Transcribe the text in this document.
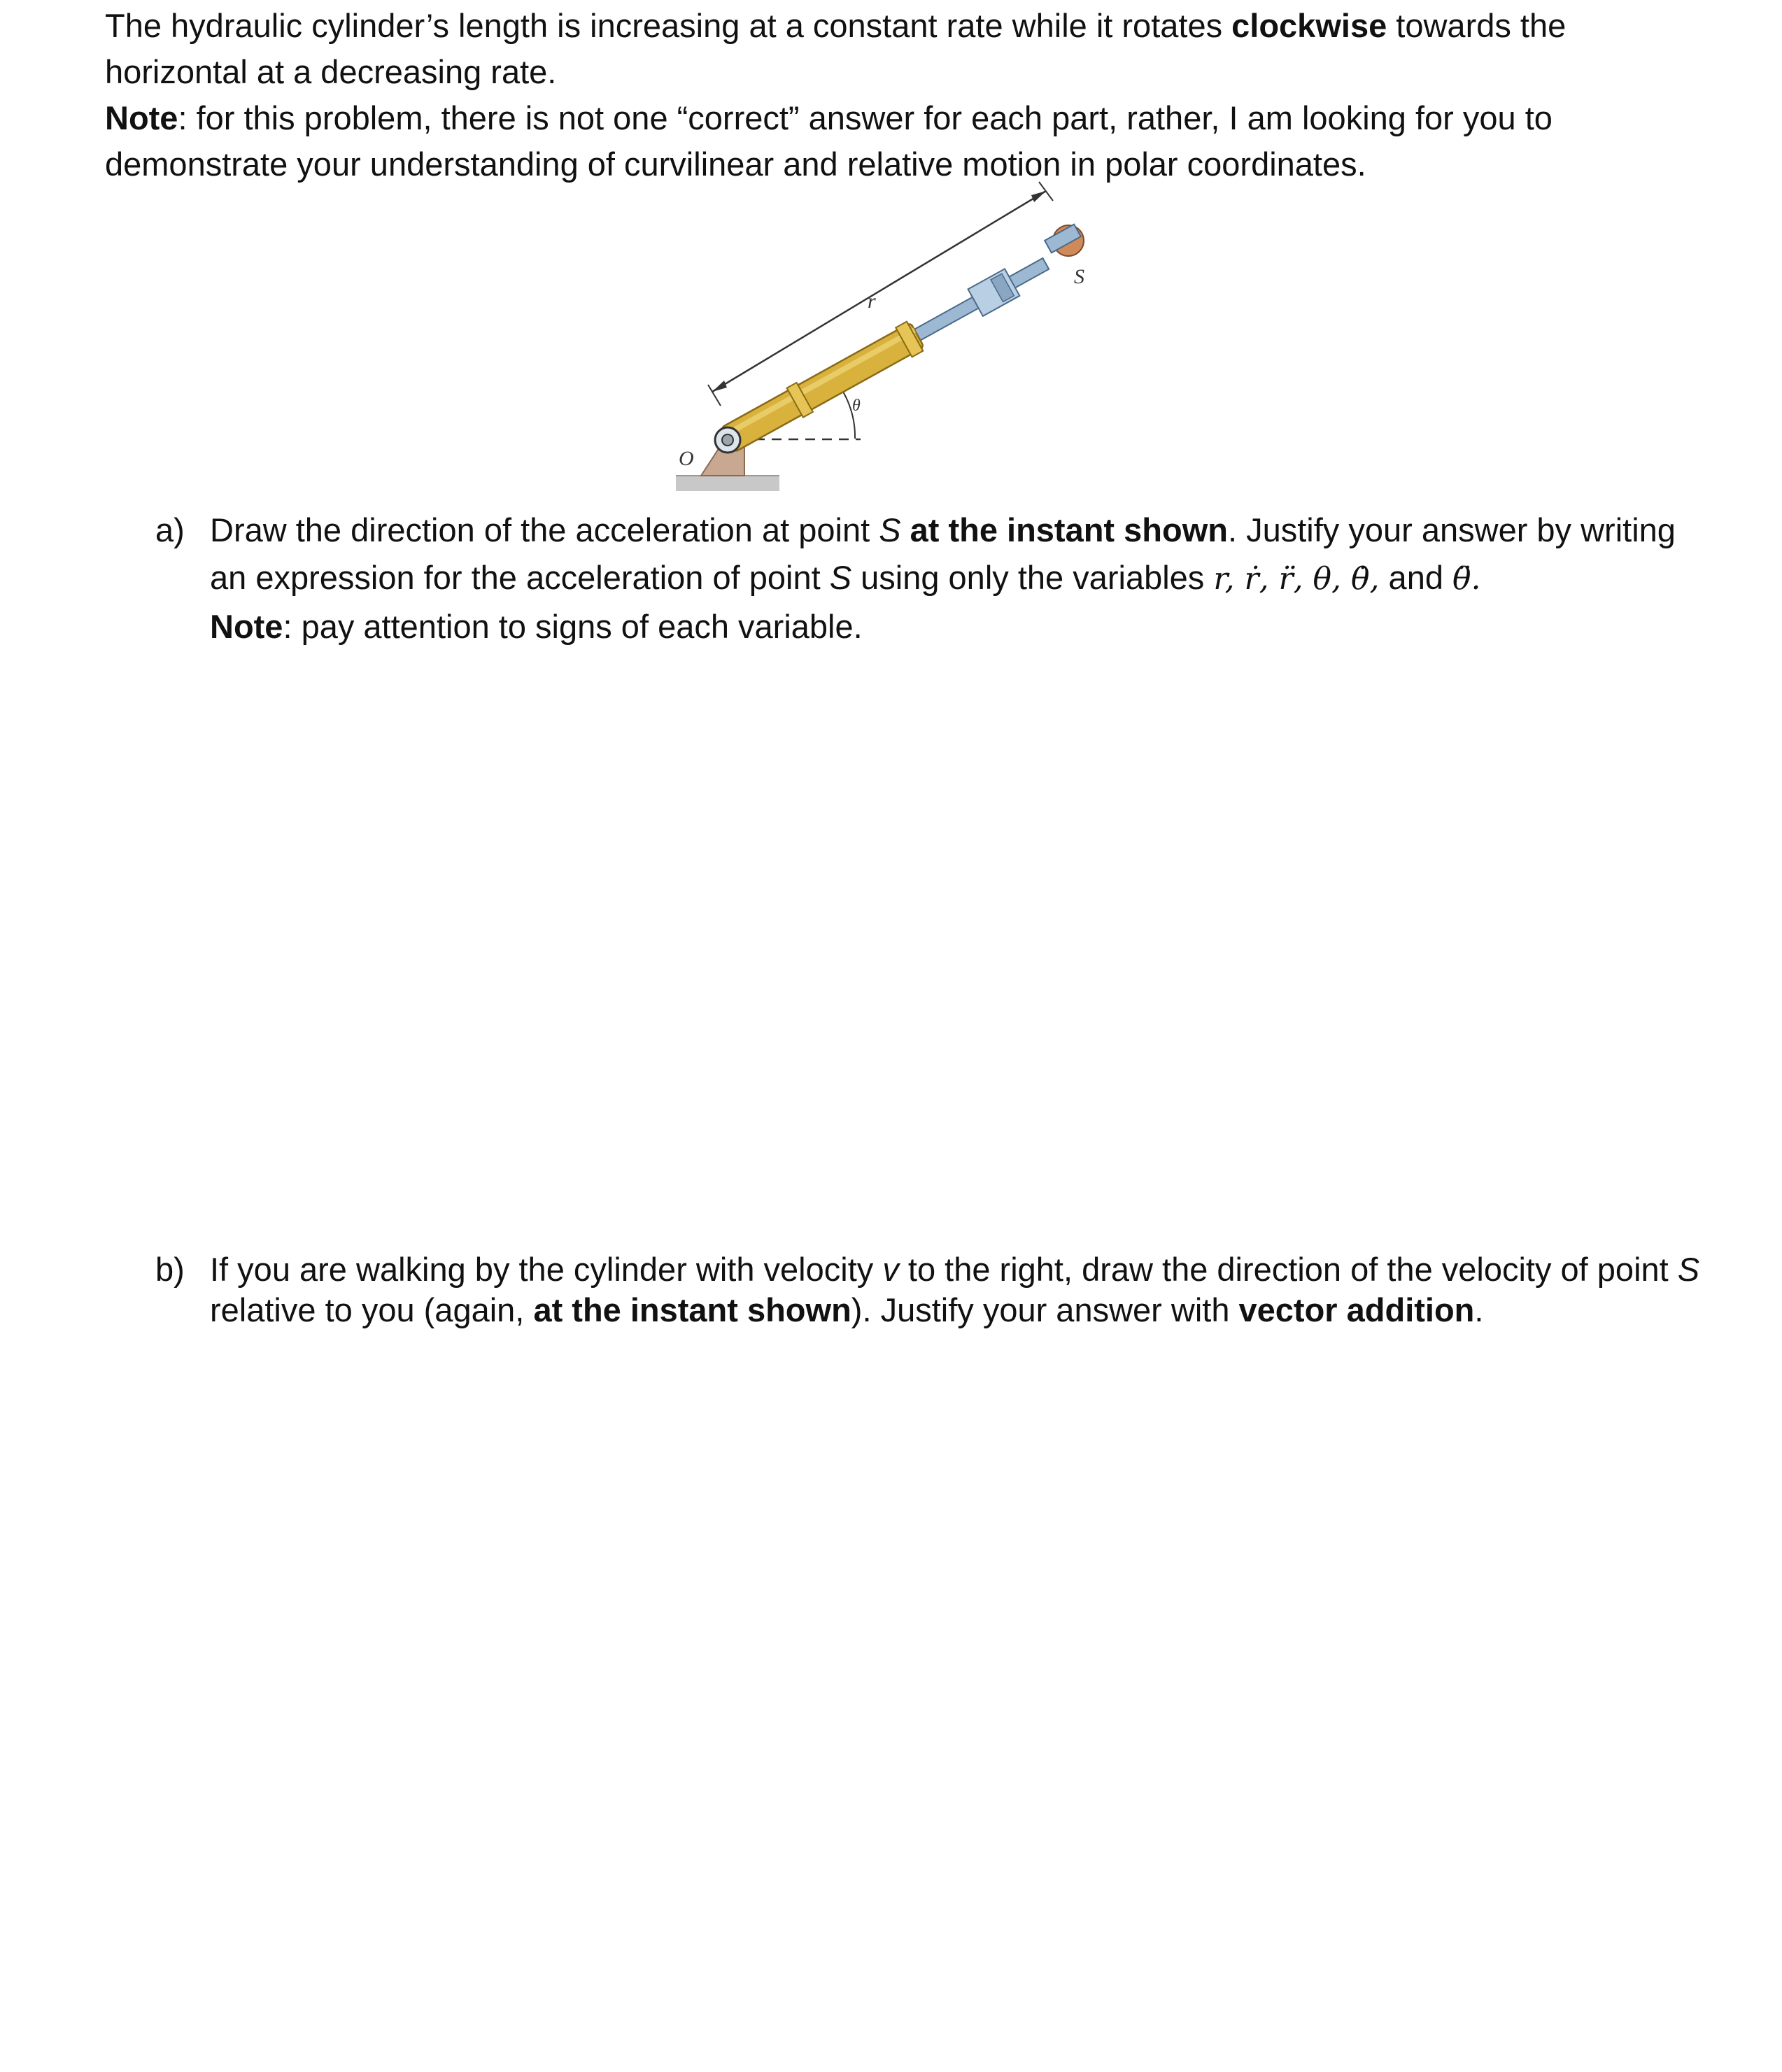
The hydraulic cylinder’s length is increasing at a constant rate while it rotates clockwise towards the horizontal at a decreasing rate.

Note: for this problem, there is not one “correct” answer for each part, rather, I am looking for you to demonstrate your understanding of curvilinear and relative motion in polar coordinates.

r
S
O
θ
a) Draw the direction of the acceleration at point S at the instant shown. Justify your answer by writing an expression for the acceleration of point S using only the variables r, ṙ, r̈, θ, θ̇, and θ̈.
Note: pay attention to signs of each variable.
b) If you are walking by the cylinder with velocity v to the right, draw the direction of the velocity of point S relative to you (again, at the instant shown). Justify your answer with vector addition.
